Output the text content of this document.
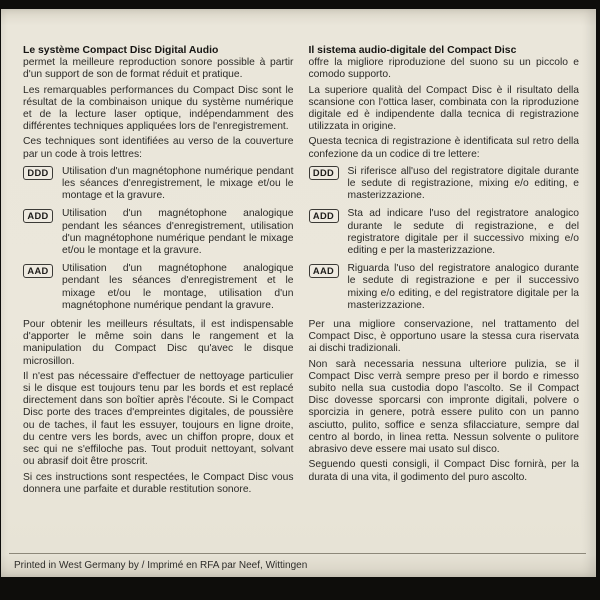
Le système Compact Disc Digital Audio

permet la meilleure reproduction sonore possible à partir d'un support de son de format réduit et pratique.

Les remarquables performances du Compact Disc sont le résultat de la combinaison unique du système numérique et de la lecture laser optique, indépendamment des différentes techniques appliquées lors de l'enregistrement.

Ces techniques sont identifiées au verso de la couverture par un code à trois lettres:

DDD	Utilisation d'un magnétophone numérique pendant les séances d'enregistrement, le mixage et/ou le montage et la gravure.

ADD	Utilisation d'un magnétophone analogique pendant les séances d'enregistrement, utilisation d'un magnétophone numérique pendant le mixage et/ou le montage et la gravure.

AAD	Utilisation d'un magnétophone analogique pendant les séances d'enregistrement et le mixage et/ou le montage, utilisation d'un magnétophone numérique pendant la gravure.

Pour obtenir les meilleurs résultats, il est indispensable d'apporter le même soin dans le rangement et la manipulation du Compact Disc qu'avec le disque microsillon.

Il n'est pas nécessaire d'effectuer de nettoyage particulier si le disque est toujours tenu par les bords et est replacé directement dans son boîtier après l'écoute. Si le Compact Disc porte des traces d'empreintes digitales, de poussière ou de taches, il faut les essuyer, toujours en ligne droite, du centre vers les bords, avec un chiffon propre, doux et sec qui ne s'effiloche pas. Tout produit nettoyant, solvant ou abrasif doit être proscrit.

Si ces instructions sont respectées, le Compact Disc vous donnera une parfaite et durable restitution sonore.

Il sistema audio-digitale del Compact Disc

offre la migliore riproduzione del suono su un piccolo e comodo supporto.

La superiore qualità del Compact Disc è il risultato della scansione con l'ottica laser, combinata con la riproduzione digitale ed è indipendente dalla tecnica di registrazione utilizzata in origine.

Questa tecnica di registrazione è identificata sul retro della confezione da un codice di tre lettere:

DDD	Si riferisce all'uso del registratore digitale durante le sedute di registrazione, mixing e/o editing, e masterizzazione.

ADD	Sta ad indicare l'uso del registratore analogico durante le sedute di registrazione, e del registratore digitale per il successivo mixing e/o editing e per la masterizzazione.

AAD	Riguarda l'uso del registratore analogico durante le sedute di registrazione e per il successivo mixing e/o editing, e del registratore digitale per la masterizzazione.

Per una migliore conservazione, nel trattamento del Compact Disc, è opportuno usare la stessa cura riservata ai dischi tradizionali.

Non sarà necessaria nessuna ulteriore pulizia, se il Compact Disc verrà sempre preso per il bordo e rimesso subito nella sua custodia dopo l'ascolto. Se il Compact Disc dovesse sporcarsi con impronte digitali, polvere o sporcizia in genere, potrà essere pulito con un panno asciutto, pulito, soffice e senza sfilacciature, sempre dal centro al bordo, in linea retta. Nessun solvente o pulitore abrasivo deve essere mai usato sul disco.

Seguendo questi consigli, il Compact Disc fornirà, per la durata di una vita, il godimento del puro ascolto.

Printed in West Germany by / Imprimé en RFA par Neef, Wittingen
